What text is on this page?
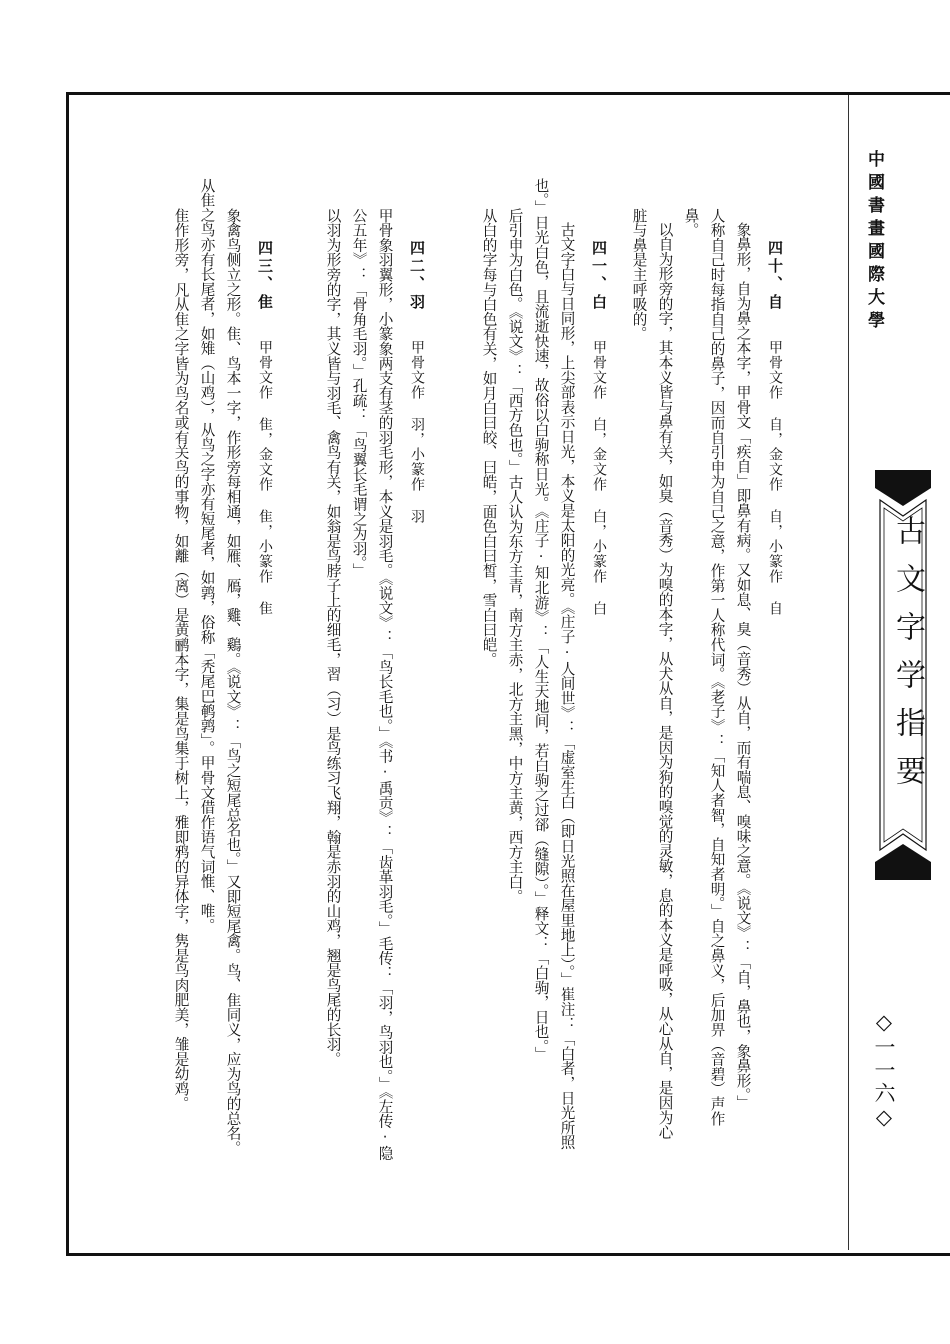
四十、自
甲骨文作 自，金文作 自，小篆作 自
象鼻形，自为鼻之本字，甲骨文「疾自」即鼻有病。又如息、臭（音秀）从自，而有喘息、嗅味之意。《说文》：「自，鼻也，象鼻形。」
人称自己时每指自己的鼻子，因而自引申为自己之意，作第一人称代词。《老子》：「知人者智，自知者明。」自之鼻义，后加畀（音碧）声作
鼻。
以自为形旁的字，其本义皆与鼻有关，如臭（音秀）为嗅的本字，从犬从自，是因为狗的嗅觉的灵敏，息的本义是呼吸，从心从自，是因为心
脏与鼻是主呼吸的。
四一、白
甲骨文作 白，金文作 白，小篆作 白
古文字白与日同形，上尖部表示日光，本义是太阳的光亮。《庄子·人间世》：「虚室生白（即日光照在屋里地上）。」崔注：「白者，日光所照
也。」日光白色，且流逝快速，故俗以白驹称日光。《庄子·知北游》：「人生天地间，若白驹之过郤（缝隙）。」释文：「白驹，日也。」
后引申为白色。《说文》：「西方色也。」古人认为东方主青，南方主赤，北方主黑，中方主黄，西方主白。
从白的字每与白色有关，如月白曰皎、曰皓，面色白曰皙，雪白曰皑。
四二、羽
甲骨文作 羽，小篆作 羽
甲骨象羽翼形，小篆象两支有茎的羽毛形，本义是羽毛。《说文》：「鸟长毛也。」《书·禹贡》：「齿革羽毛。」毛传：「羽，鸟羽也。」《左传·隐
公五年》：「骨角毛羽。」孔疏：「鸟翼长毛谓之为羽。」
以羽为形旁的字，其义皆与羽毛、禽鸟有关，如翁是鸟脖子上的细毛，習（习）是鸟练习飞翔，翰是赤羽的山鸡，翘是鸟尾的长羽。
四三、隹
甲骨文作 隹，金文作 隹，小篆作 隹
象禽鸟侧立之形。隹、鸟本一字，作形旁每相通，如雁、鴈，雞、鷄。《说文》：「鸟之短尾总名也。」又即短尾禽。鸟、隹同义，应为鸟的总名。
从隹之鸟亦有长尾者，如雉（山鸡），从鸟之字亦有短尾者，如鹑，俗称「秃尾巴鹌鹑」。甲骨文借作语气词惟、唯。
隹作形旁，凡从隹之字皆为鸟名或有关鸟的事物，如離（离）是黄鹂本字，集是鸟集于树上，雅即鸦的异体字，隽是鸟肉肥美，雏是幼鸡。	中國書畫國際大學
古文字学指要
◇一一六◇
